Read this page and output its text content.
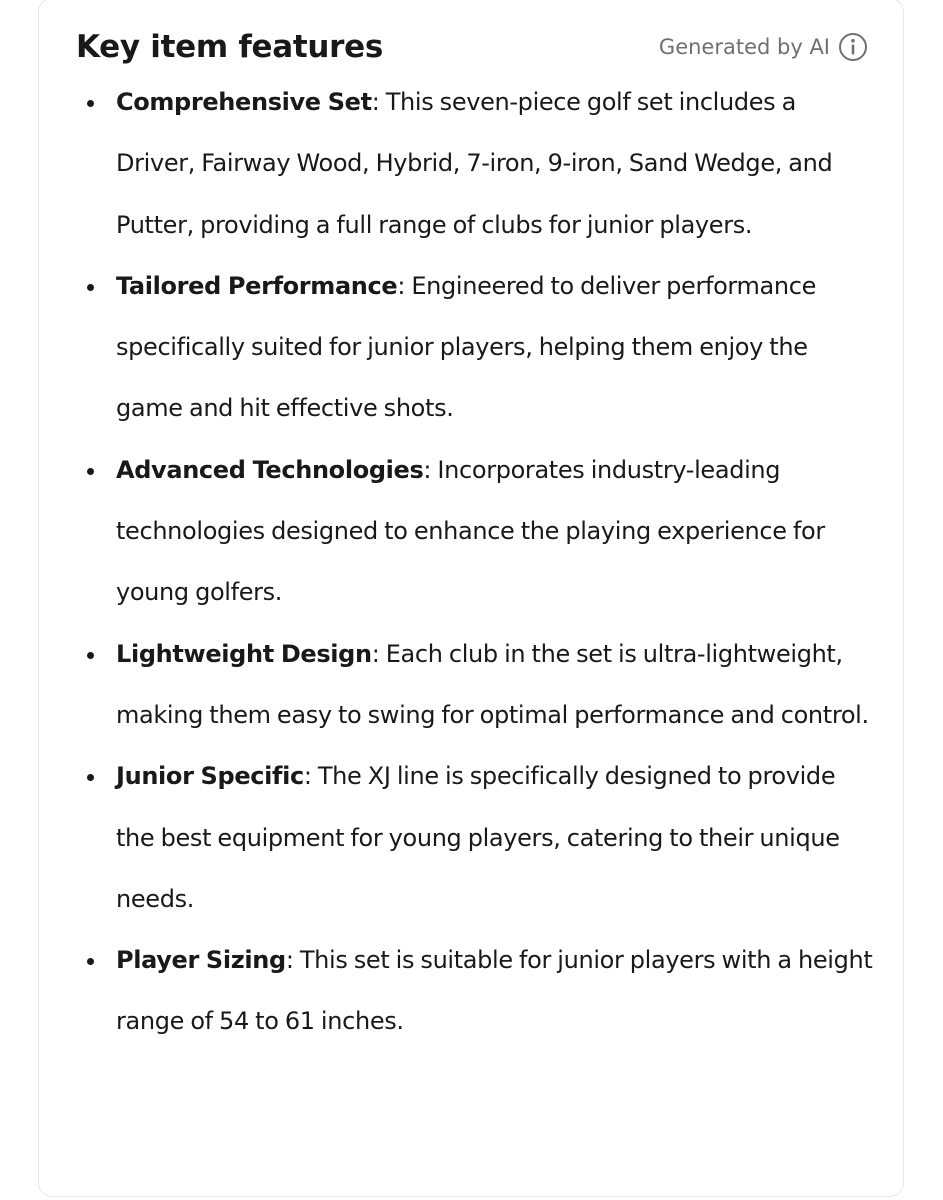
Key item features	Generated by AI
Comprehensive Set: This seven-piece golf set includes a Driver, Fairway Wood, Hybrid, 7-iron, 9-iron, Sand Wedge, and Putter, providing a full range of clubs for junior players.
Tailored Performance: Engineered to deliver performance specifically suited for junior players, helping them enjoy the game and hit effective shots.
Advanced Technologies: Incorporates industry-leading technologies designed to enhance the playing experience for young golfers.
Lightweight Design: Each club in the set is ultra-lightweight, making them easy to swing for optimal performance and control.
Junior Specific: The XJ line is specifically designed to provide the best equipment for young players, catering to their unique needs.
Player Sizing: This set is suitable for junior players with a height range of 54 to 61 inches.
